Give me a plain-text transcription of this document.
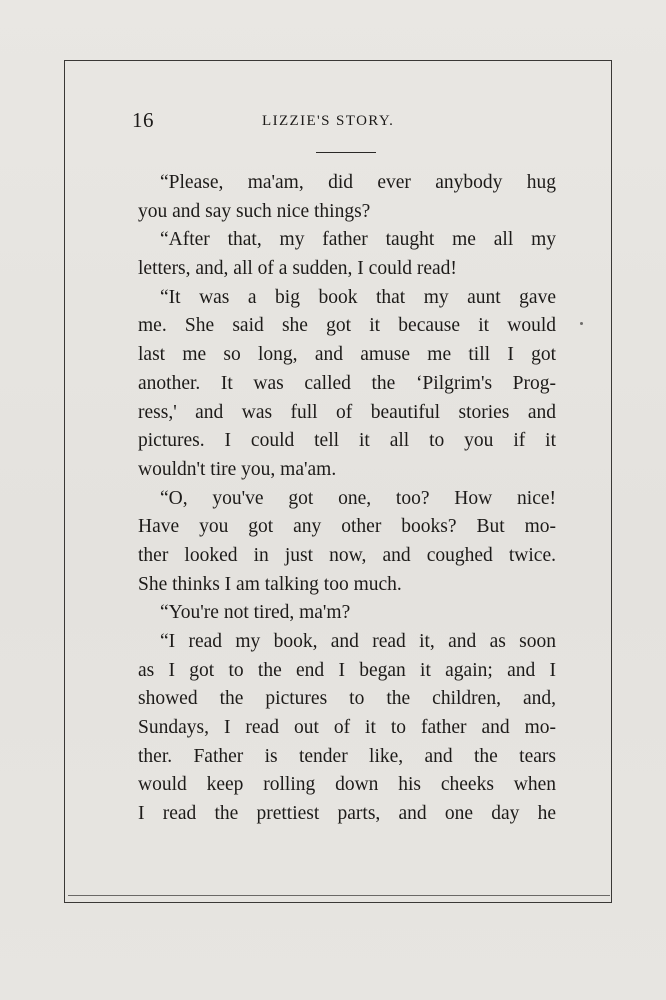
16	LIZZIE'S STORY.
“Please, ma'am, did ever anybody hug
you and say such nice things?
“After that, my father taught me all my
letters, and, all of a sudden, I could read!
“It was a big book that my aunt gave
me. She said she got it because it would
last me so long, and amuse me till I got
another. It was called the ‘Pilgrim's Prog-
ress,' and was full of beautiful stories and
pictures. I could tell it all to you if it
wouldn't tire you, ma'am.
“O, you've got one, too? How nice!
Have you got any other books? But mo-
ther looked in just now, and coughed twice.
She thinks I am talking too much.
“You're not tired, ma'm?
“I read my book, and read it, and as soon
as I got to the end I began it again; and I
showed the pictures to the children, and,
Sundays, I read out of it to father and mo-
ther. Father is tender like, and the tears
would keep rolling down his cheeks when
I read the prettiest parts, and one day he
